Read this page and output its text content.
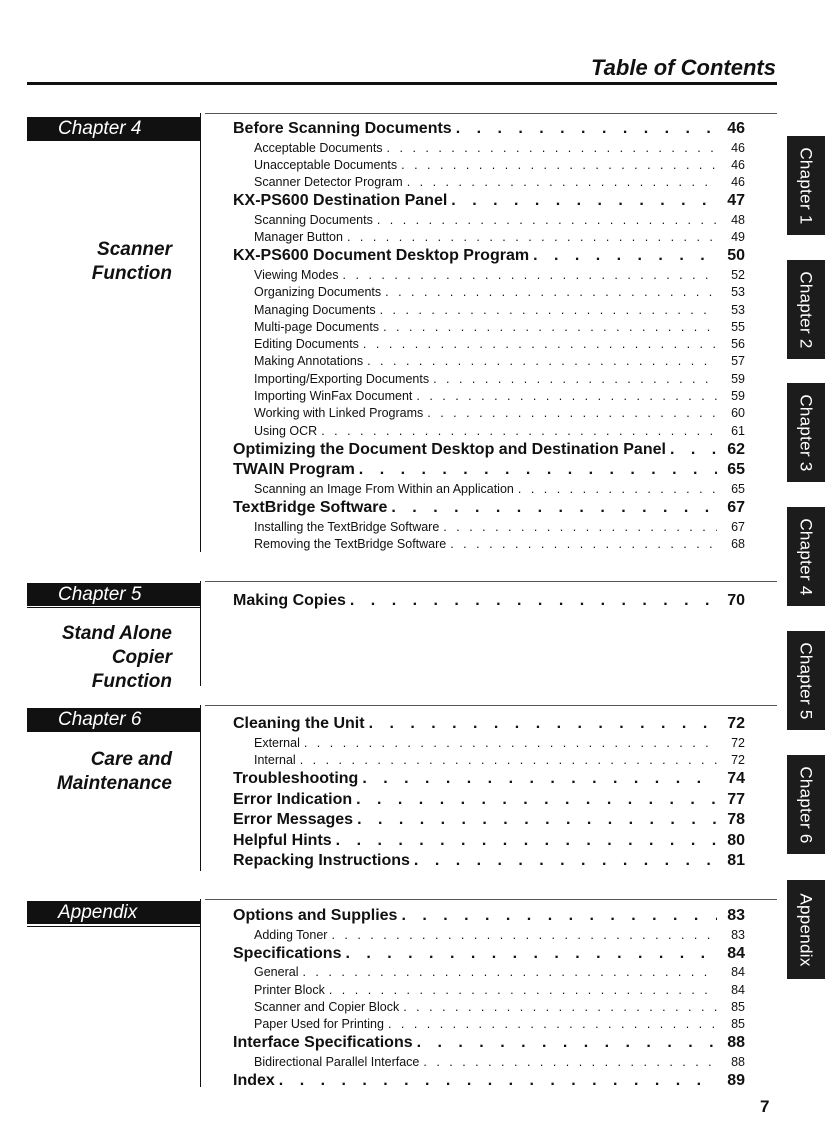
Table of Contents
Chapter 4
Scanner
Function
Before Scanning Documents . . .	46
Acceptable Documents . . .	46
Unacceptable Documents . . .	46
Scanner Detector Program . . .	46
KX-PS600 Destination Panel . . .	47
Scanning Documents . . .	48
Manager Button . . .	49
KX-PS600 Document Desktop Program . . .	50
Viewing Modes . . .	52
Organizing Documents . . .	53
Managing Documents . . .	53
Multi-page Documents . . .	55
Editing Documents . . .	56
Making Annotations . . .	57
Importing/Exporting Documents . . .	59
Importing WinFax Document . . .	59
Working with Linked Programs . . .	60
Using OCR . . .	61
Optimizing the Document Desktop and Destination Panel . . .	62
TWAIN Program . . .	65
Scanning an Image From Within an Application . . .	65
TextBridge Software . . .	67
Installing the TextBridge Software . . .	67
Removing the TextBridge Software . . .	68
Chapter 5
Stand Alone
Copier
Function
Making Copies . . .	70
Chapter 6
Care and
Maintenance
Cleaning the Unit . . .	72
External . . .	72
Internal . . .	72
Troubleshooting . . .	74
Error Indication . . .	77
Error Messages . . .	78
Helpful Hints . . .	80
Repacking Instructions . . .	81
Appendix	Options and Supplies . . .	83
Adding Toner . . .	83
Specifications . . .	84
General . . .	84
Printer Block . . .	84
Scanner and Copier Block . . .	85
Paper Used for Printing . . .	85
Interface Specifications . . .	88
Bidirectional Parallel Interface . . .	88
Index . . .	89
Chapter 1
Chapter 2
Chapter 3
Chapter 4
Chapter 5
Chapter 6
Appendix
7
